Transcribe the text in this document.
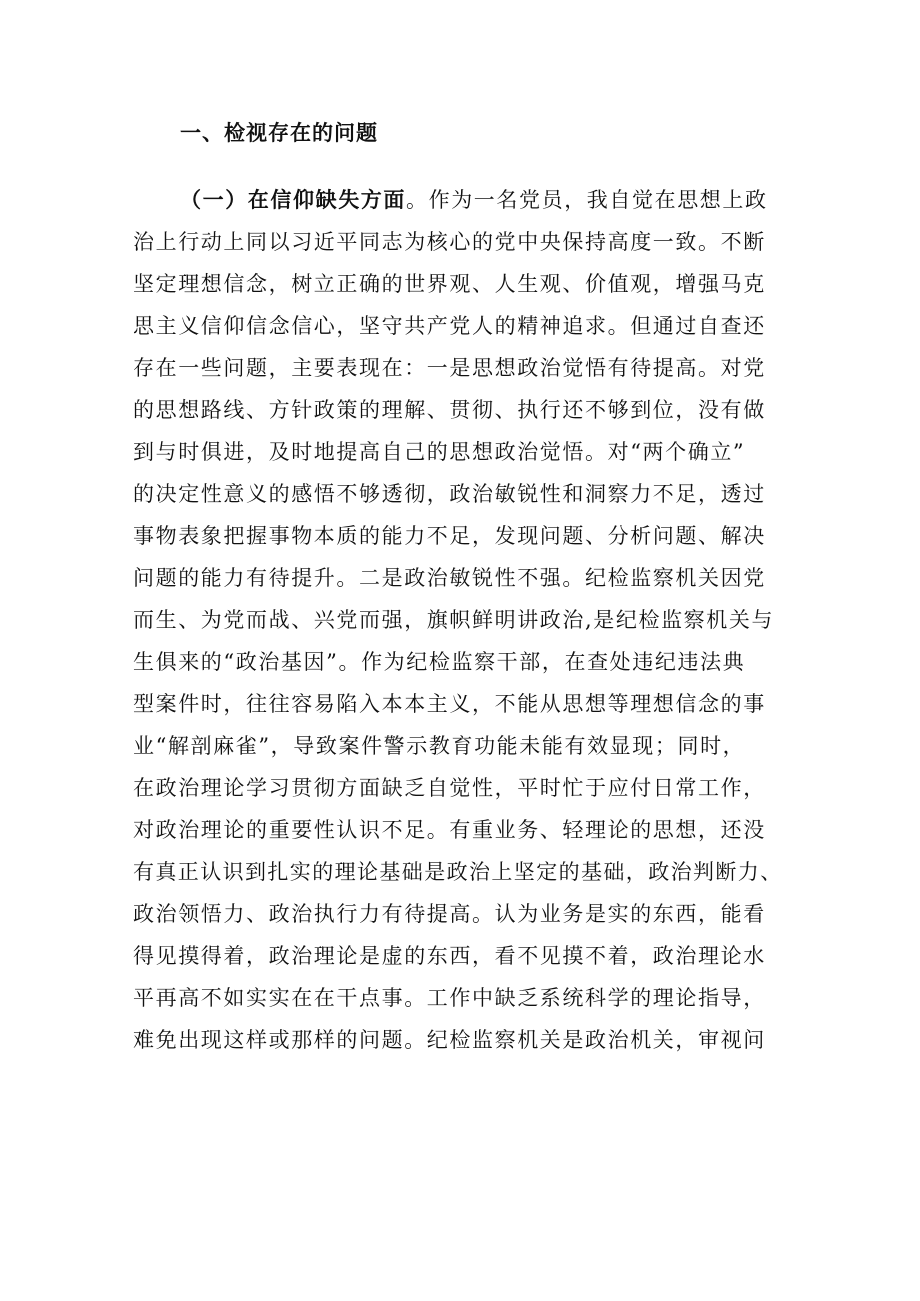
一、检视存在的问题
（一）在信仰缺失方面。作为一名党员，我自觉在思想上政
治上行动上同以习近平同志为核心的党中央保持高度一致。不断
坚定理想信念，树立正确的世界观、人生观、价值观，增强马克
思主义信仰信念信心，坚守共产党人的精神追求。但通过自查还
存在一些问题，主要表现在：一是思想政治觉悟有待提高。对党
的思想路线、方针政策的理解、贯彻、执行还不够到位，没有做
到与时俱进，及时地提高自己的思想政治觉悟。对“两个确立”
的决定性意义的感悟不够透彻，政治敏锐性和洞察力不足，透过
事物表象把握事物本质的能力不足，发现问题、分析问题、解决
问题的能力有待提升。二是政治敏锐性不强。纪检监察机关因党
而生、为党而战、兴党而强，旗帜鲜明讲政治,是纪检监察机关与
生俱来的“政治基因”。作为纪检监察干部，在查处违纪违法典
型案件时，往往容易陷入本本主义，不能从思想等理想信念的事
业“解剖麻雀”，导致案件警示教育功能未能有效显现；同时，
在政治理论学习贯彻方面缺乏自觉性，平时忙于应付日常工作，
对政治理论的重要性认识不足。有重业务、轻理论的思想，还没
有真正认识到扎实的理论基础是政治上坚定的基础，政治判断力、
政治领悟力、政治执行力有待提高。认为业务是实的东西，能看
得见摸得着，政治理论是虚的东西，看不见摸不着，政治理论水
平再高不如实实在在干点事。工作中缺乏系统科学的理论指导，
难免出现这样或那样的问题。纪检监察机关是政治机关，审视问
